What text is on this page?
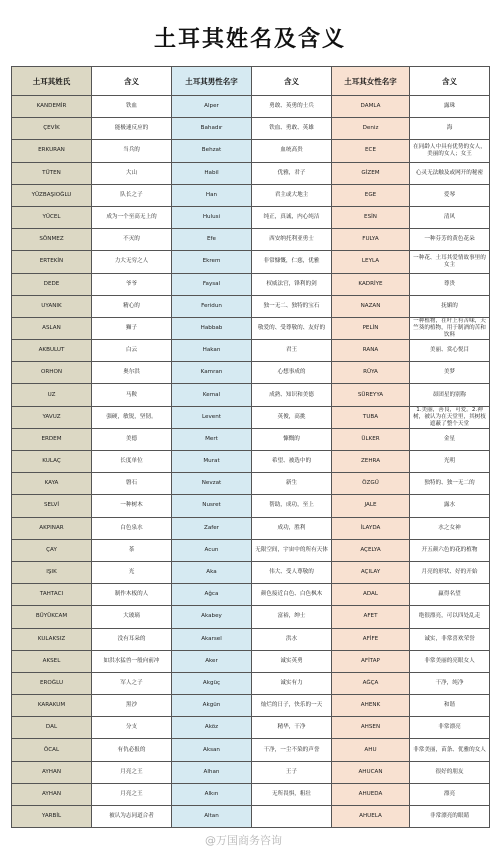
土耳其姓名及含义
土耳其姓氏	含义	土耳其男性名字	含义	土耳其女性名字	含义
KANDEMİR	铁血	Alper	勇敢、英勇的士兵	DAMLA	露珠
ÇEVİK	能极速反应的	Bahadır	铁血、勇敢、英雄	Deniz	海
ERKURAN	当兵的	Behzat	血统高贵	ECE	在同龄人中具有优势的女人，美丽的女人；女王
TÜTEN	大山	Habil	优雅，君子	GİZEM	心灵无法触及或网开的秘密
YÜZBAŞIOĞLU	队长之子	Han	君主或大地主	EGE	爱琴
YÜCEL	成为一个至高无上的	Hulusi	纯正，真诚，内心纯洁	ESİN	清风
SÖNMEZ	不灭的	Efe	西安纳托利亚勇士	FULYA	一种芬芳的黄色花朵
ERTEKİN	力大无穷之人	Ekrem	非常慷慨，仁慈，优雅	LEYLA	一种花、土耳其爱情故事里的女主
DEDE	爷爷	Faysal	权威法官，锋利的剑	KADRİYE	尊贵
UYANIK	精心的	Feridun	独一无二、独特的宝石	NAZAN	抚媚的
ASLAN	狮子	Habbab	敬爱的、受尊敬的、友好的	PELİN	一种植物，在叶上有苦味，天竺葵的植物，用于制酒的苦和饮料
AKBULUT	白云	Hakan	君王	RANA	美丽、赏心悦目
ORHON	奥尔洪	Kamran	心想事成的	RÜYA	美梦
UZ	马鞍	Kemal	成熟、知识和美德	SÜREYYA	昴团星的别称
YAVUZ	强硬，敏锐，坚韧。	Levent	英俊，高挑	TUBA	1.美丽，善良，可爱。2.神树，被认为在天堂里，其树枝遮蔽了整个天堂
ERDEM	美德	Mert	慷慨的	ÜLKER	金星
KULAÇ	长度单位	Murat	希望、被选中的	ZEHRA	光明
KAYA	磐石	Nevzat	新生	ÖZGÜ	独特的、独一无二的
SELVİ	一种树木	Nusret	帮助，成功，至上	JALE	露水
AKPINAR	白色泉水	Zafer	成功，胜利	İLAYDA	水之女神
ÇAY	茶	Acun	无限空间，宇宙中的所有天体	AÇELYA	开五颜六色的花的植物
IŞIK	光	Aka	伟大、受人尊敬的	AÇILAY	月亮的形状、好的开始
TAHTACI	制作木板的人	Ağca	颜色接近白色、白色枫木	ADAL	赢得名望
BÜYÜKCAM	大玻璃	Akabey	富裕，绅士	AFET	绝很漂亮，可以四处乱走
KULAKSIZ	没有耳朵的	Akarsel	洪水	AFİFE	诚实，非常喜欢荣誉
AKSEL	如洪水猛兽一般向前冲	Aker	诚实英勇	AFİTAP	非常美丽的亮眼女人
EROĞLU	军人之子	Akgüç	诚实有力	AĞÇA	干净，纯净
KARAKUM	黑沙	Akgün	灿烂的日子，快乐的一天	AHENK	和谐
DAL	分支	Aköz	精华，干净	AHSEN	非常漂亮
ÖCAL	有仇必报的	Aksan	干净，一尘不染的声誉	AHU	非常美丽，苗条、优雅的女人
AYHAN	月亮之王	Alhan	王子	AHUCAN	很好的朋友
AYHAN	月亮之王	Alkın	无所畏惧，粗壮	AHUEDA	漂亮
YARBİL	被认为志同道合者	Altan		AHUELA	非常漂亮的眼睛
@万国商务咨询
